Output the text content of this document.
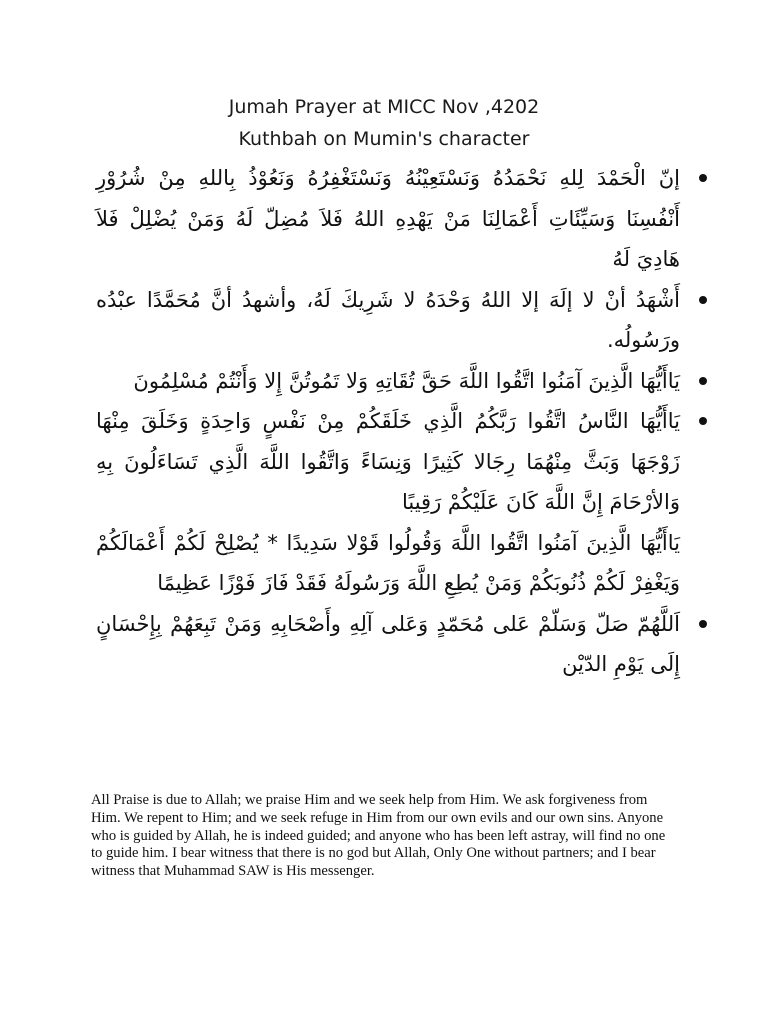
Jumah Prayer at MICC Nov ,4202
Kuthbah on Mumin's character

إنّ الْحَمْدَ لِلهِ نَحْمَدُهُ وَنَسْتَعِيْنُهُ وَنَسْتَغْفِرُهُ وَنَعُوْذُ بِاللهِ مِنْ شُرُوْرِ أَنْفُسِنَا وَسَيِّئَاتِ أَعْمَالِنَا مَنْ يَهْدِهِ اللهُ فَلاَ مُضِلّ لَهُ وَمَنْ يُضْلِلْ فَلاَ هَادِيَ لَهُ

أَشْهَدُ أنْ لا إلَهَ إلا اللهُ وَحْدَهُ لا شَرِيكَ لَهُ، وأشهدُ أنَّ مُحَمَّدًا عبْدُه ورَسُولُه.

يَاأَيُّهَا الَّذِينَ آمَنُوا اتَّقُوا اللَّهَ حَقَّ تُقَاتِهِ وَلا تَمُوتُنَّ إِلا وَأَنْتُمْ مُسْلِمُونَ

يَاأَيُّهَا النَّاسُ اتَّقُوا رَبَّكُمُ الَّذِي خَلَقَكُمْ مِنْ نَفْسٍ وَاحِدَةٍ وَخَلَقَ مِنْهَا زَوْجَهَا وَبَثَّ مِنْهُمَا رِجَالا كَثِيرًا وَنِسَاءً وَاتَّقُوا اللَّهَ الَّذِي تَسَاءَلُونَ بِهِ وَالأرْحَامَ إِنَّ اللَّهَ كَانَ عَلَيْكُمْ رَقِيبًا

يَاأَيُّهَا الَّذِينَ آمَنُوا اتَّقُوا اللَّهَ وَقُولُوا قَوْلا سَدِيدًا * يُصْلِحْ لَكُمْ أَعْمَالَكُمْ وَيَغْفِرْ لَكُمْ ذُنُوبَكُمْ وَمَنْ يُطِعِ اللَّهَ وَرَسُولَهُ فَقَدْ فَازَ فَوْزًا عَظِيمًا

اَللَّهُمّ صَلّ وَسَلّمْ عَلى مُحَمّدٍ وَعَلى آلِهِ وأَصْحَابِهِ وَمَنْ تَبِعَهُمْ بِإِحْسَانٍ إِلَى يَوْمِ الدّيْن

All Praise is due to Allah; we praise Him and we seek help from Him. We ask forgiveness from Him. We repent to Him; and we seek refuge in Him from our own evils and our own sins. Anyone who is guided by Allah, he is indeed guided; and anyone who has been left astray, will find no one to guide him. I bear witness that there is no god but Allah, Only One without partners; and I bear witness that Muhammad SAW is His messenger.
